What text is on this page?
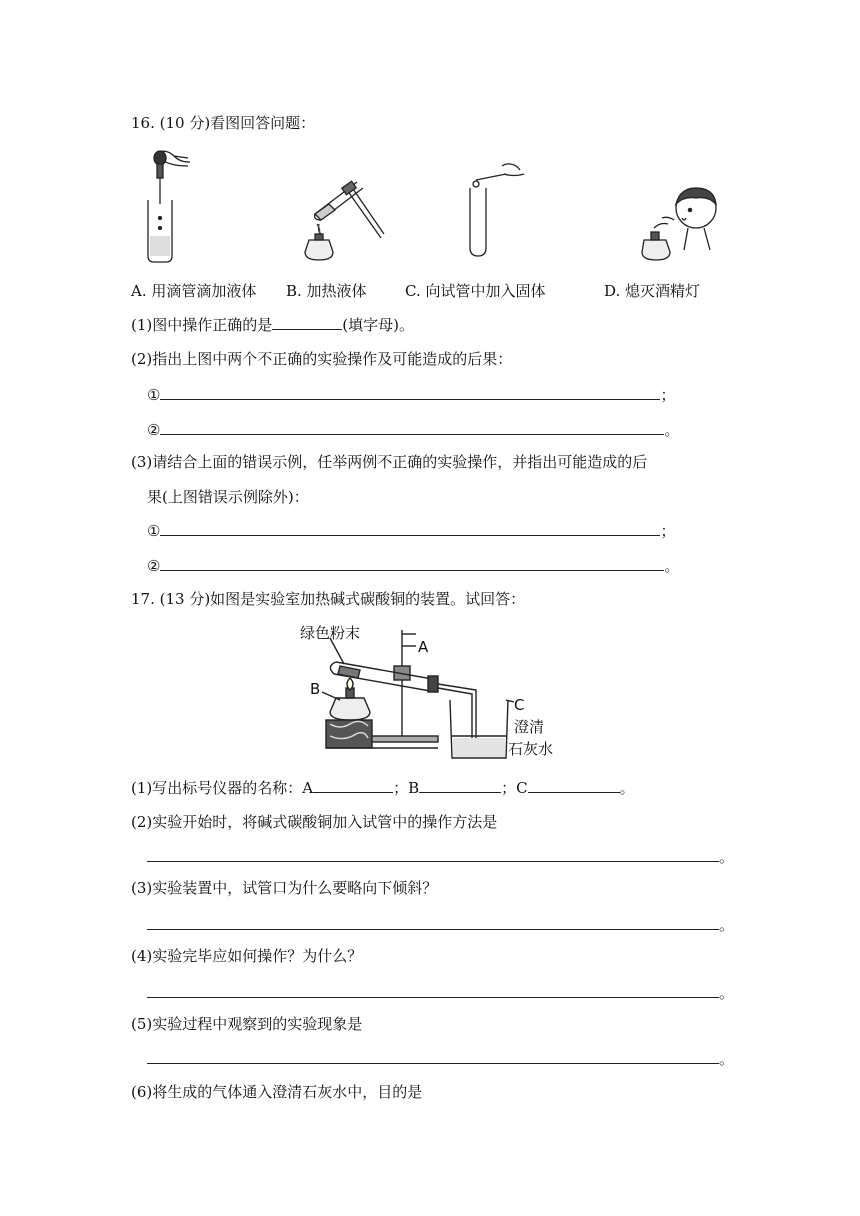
16. (10 分)看图回答问题：
A. 用滴管滴加液体 B. 加热液体	C. 向试管中加入固体	D. 熄灭酒精灯
(1)图中操作正确的是	(填字母)。
(2)指出上图中两个不正确的实验操作及可能造成的后果：
①	；
②	。
(3)请结合上面的错误示例，任举两例不正确的实验操作，并指出可能造成的后
果(上图错误示例除外)：
①	；
②	。
17. (13 分)如图是实验室加热碱式碳酸铜的装置。试回答：
绿色粉末
A
B
C
澄清
石灰水
(1)写出标号仪器的名称：A	；B	；C	。
(2)实验开始时，将碱式碳酸铜加入试管中的操作方法是
。
(3)实验装置中，试管口为什么要略向下倾斜？
。
(4)实验完毕应如何操作？为什么？
。
(5)实验过程中观察到的实验现象是
。
(6)将生成的气体通入澄清石灰水中，目的是
